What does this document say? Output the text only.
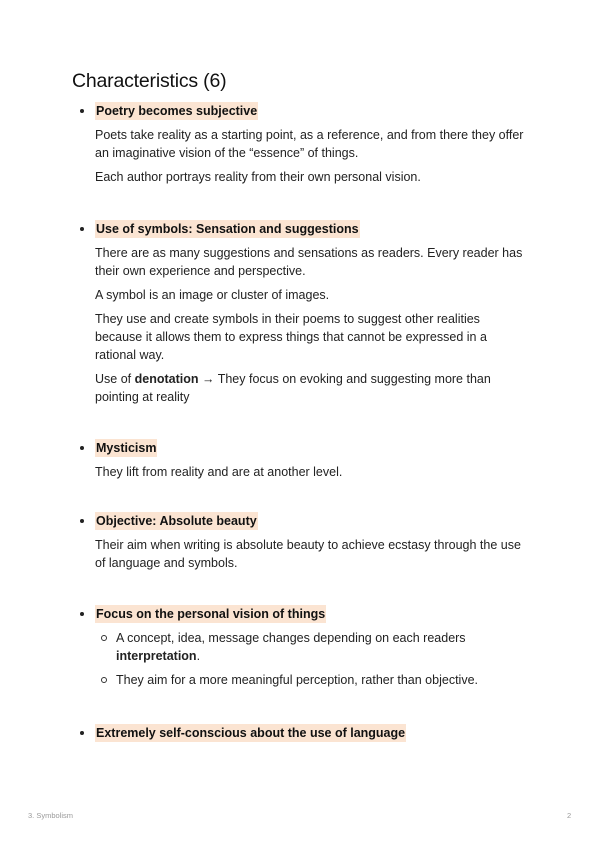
Characteristics (6)
Poetry becomes subjective

Poets take reality as a starting point, as a reference, and from there they offer an imaginative vision of the “essence” of things.

Each author portrays reality from their own personal vision.

Use of symbols: Sensation and suggestions

There are as many suggestions and sensations as readers. Every reader has their own experience and perspective.

A symbol is an image or cluster of images.

They use and create symbols in their poems to suggest other realities because it allows them to express things that cannot be expressed in a rational way.

Use of denotation → They focus on evoking and suggesting more than pointing at reality

Mysticism

They lift from reality and are at another level.

Objective: Absolute beauty

Their aim when writing is absolute beauty to achieve ecstasy through the use of language and symbols.

Focus on the personal vision of things
A concept, idea, message changes depending on each readers interpretation.
They aim for a more meaningful perception, rather than objective.
Extremely self-conscious about the use of language
3. Symbolism	2
